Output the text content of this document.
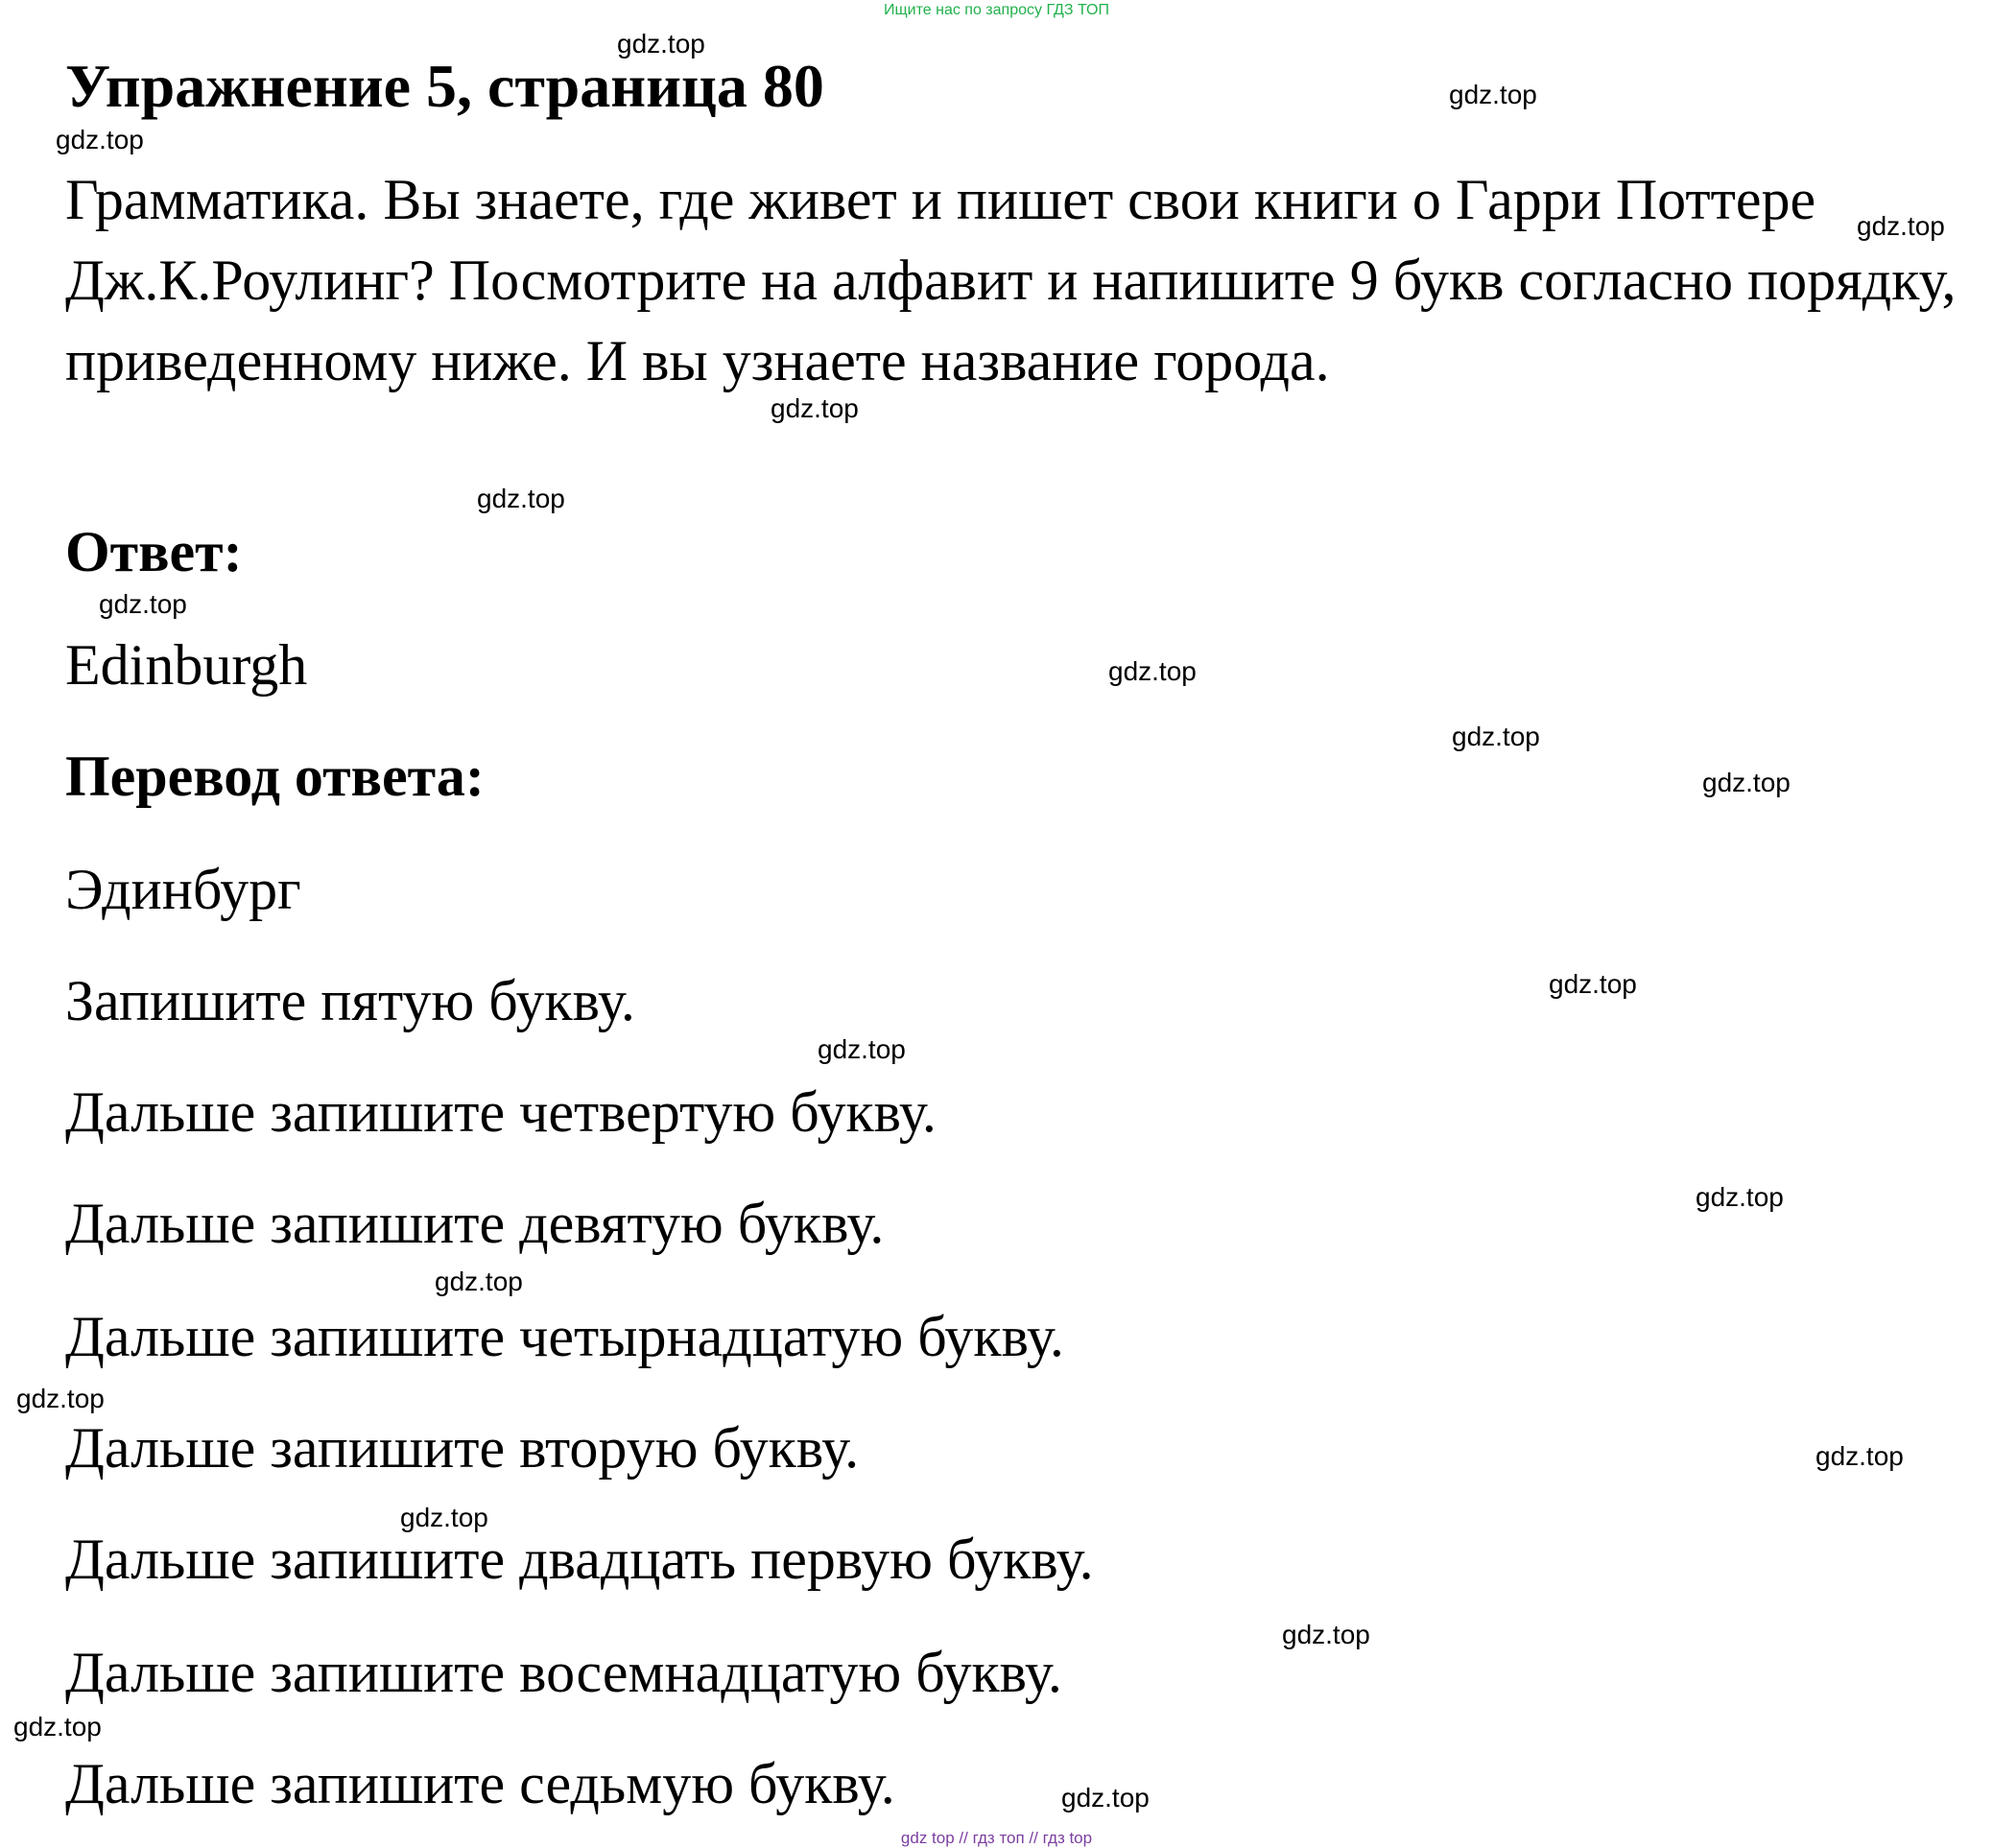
Ищите нас по запросу ГДЗ ТОП
Упражнение 5, страница 80

Грамматика. Вы знаете, где живет и пишет свои книги о Гарри Поттере Дж.К.Роулинг? Посмотрите на алфавит и напишите 9 букв согласно порядку, приведенному ниже. И вы узнаете название города.

Ответ:

Edinburgh

Перевод ответа:

Эдинбург

Запишите пятую букву.

Дальше запишите четвертую букву.

Дальше запишите девятую букву.

Дальше запишите четырнадцатую букву.

Дальше запишите вторую букву.

Дальше запишите двадцать первую букву.

Дальше запишите восемнадцатую букву.

Дальше запишите седьмую букву.

gdz.top
gdz.top
gdz.top
gdz.top
gdz.top
gdz.top
gdz.top
gdz.top
gdz.top
gdz.top
gdz.top
gdz.top
gdz.top
gdz.top
gdz.top
gdz.top
gdz.top
gdz.top
gdz.top
gdz.top
gdz top // гдз топ // гдз top
